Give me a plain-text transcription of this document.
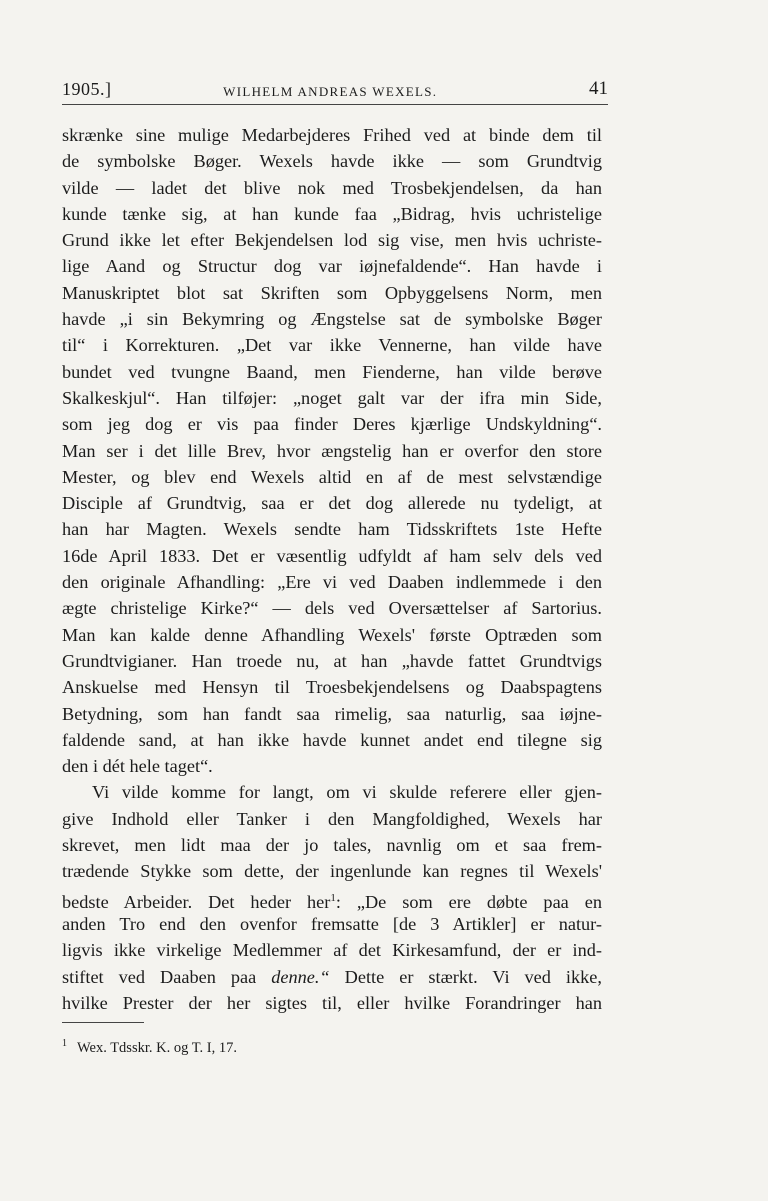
1905.]	WILHELM ANDREAS WEXELS.	41
skrænke sine mulige Medarbejderes Frihed ved at binde dem til
de symbolske Bøger. Wexels havde ikke — som Grundtvig
vilde — ladet det blive nok med Trosbekjendelsen, da han
kunde tænke sig, at han kunde faa „Bidrag, hvis uchristelige
Grund ikke let efter Bekjendelsen lod sig vise, men hvis uchriste-
lige Aand og Structur dog var iøjnefaldende“. Han havde i
Manuskriptet blot sat Skriften som Opbyggelsens Norm, men
havde „i sin Bekymring og Ængstelse sat de symbolske Bøger
til“ i Korrekturen. „Det var ikke Vennerne, han vilde have
bundet ved tvungne Baand, men Fienderne, han vilde berøve
Skalkeskjul“. Han tilføjer: „noget galt var der ifra min Side,
som jeg dog er vis paa finder Deres kjærlige Undskyldning“.
Man ser i det lille Brev, hvor ængstelig han er overfor den store
Mester, og blev end Wexels altid en af de mest selvstændige
Disciple af Grundtvig, saa er det dog allerede nu tydeligt, at
han har Magten. Wexels sendte ham Tidsskriftets 1ste Hefte
16de April 1833. Det er væsentlig udfyldt af ham selv dels ved
den originale Afhandling: „Ere vi ved Daaben indlemmede i den
ægte christelige Kirke?“ — dels ved Oversættelser af Sartorius.
Man kan kalde denne Afhandling Wexels' første Optræden som
Grundtvigianer. Han troede nu, at han „havde fattet Grundtvigs
Anskuelse med Hensyn til Troesbekjendelsens og Daabspagtens
Betydning, som han fandt saa rimelig, saa naturlig, saa iøjne-
faldende sand, at han ikke havde kunnet andet end tilegne sig
den i dét hele taget“.
Vi vilde komme for langt, om vi skulde referere eller gjen-
give Indhold eller Tanker i den Mangfoldighed, Wexels har
skrevet, men lidt maa der jo tales, navnlig om et saa frem-
trædende Stykke som dette, der ingenlunde kan regnes til Wexels'
bedste Arbeider. Det heder her$^1$: „De som ere døbte paa en
anden Tro end den ovenfor fremsatte [de 3 Artikler] er natur-
ligvis ikke virkelige Medlemmer af det Kirkesamfund, der er ind-
stiftet ved Daaben paa denne.“ Dette er stærkt. Vi ved ikke,
hvilke Prester der her sigtes til, eller hvilke Forandringer han
$^1$ Wex. Tdsskr. K. og T. I, 17.
